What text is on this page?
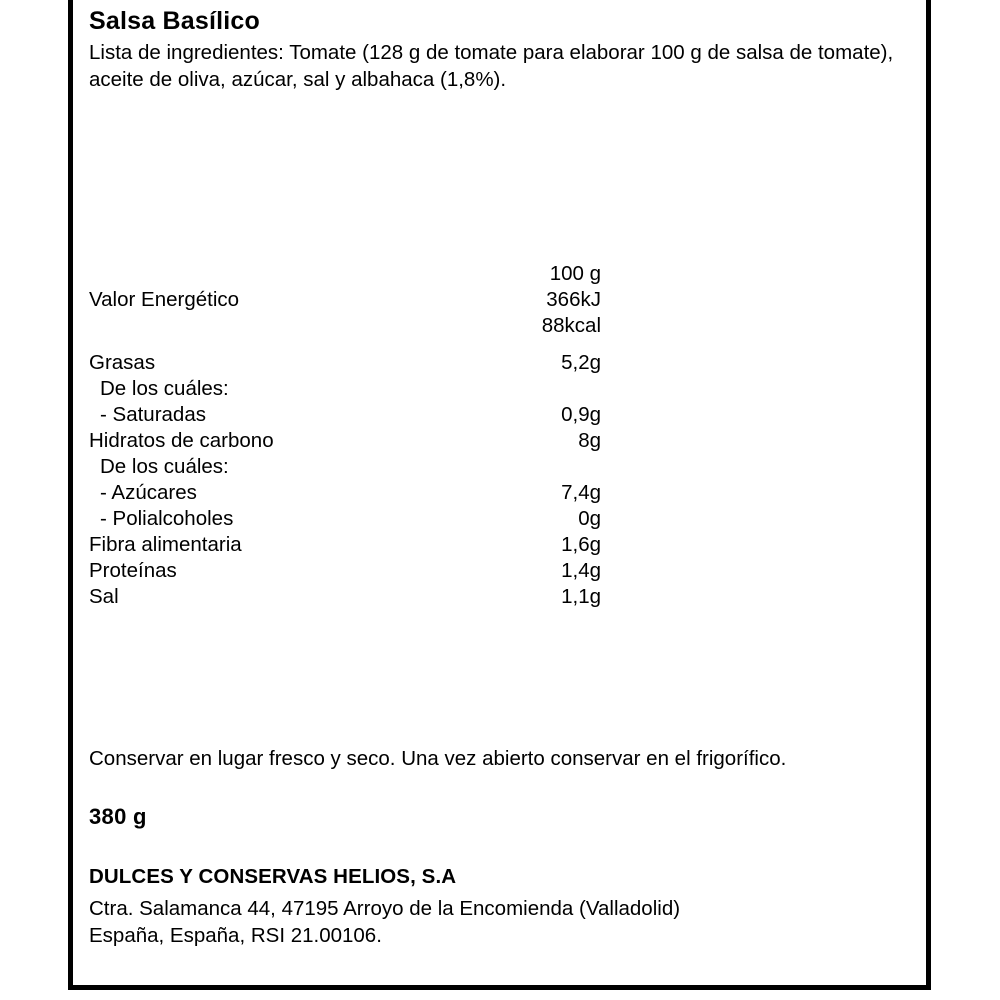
Salsa Basílico
Lista de ingredientes: Tomate (128 g de tomate para elaborar 100 g de salsa de tomate), aceite de oliva, azúcar, sal y albahaca (1,8%).
100 g
Valor Energético	366kJ
88kcal
Grasas	5,2g
De los cuáles:
- Saturadas	0,9g
Hidratos de carbono	8g
De los cuáles:
- Azúcares	7,4g
- Polialcoholes	0g
Fibra alimentaria	1,6g
Proteínas	1,4g
Sal	1,1g
Conservar en lugar fresco y seco. Una vez abierto conservar en el frigorífico.
380 g
DULCES Y CONSERVAS HELIOS, S.A
Ctra. Salamanca 44, 47195 Arroyo de la Encomienda (Valladolid)
España, España, RSI 21.00106.
